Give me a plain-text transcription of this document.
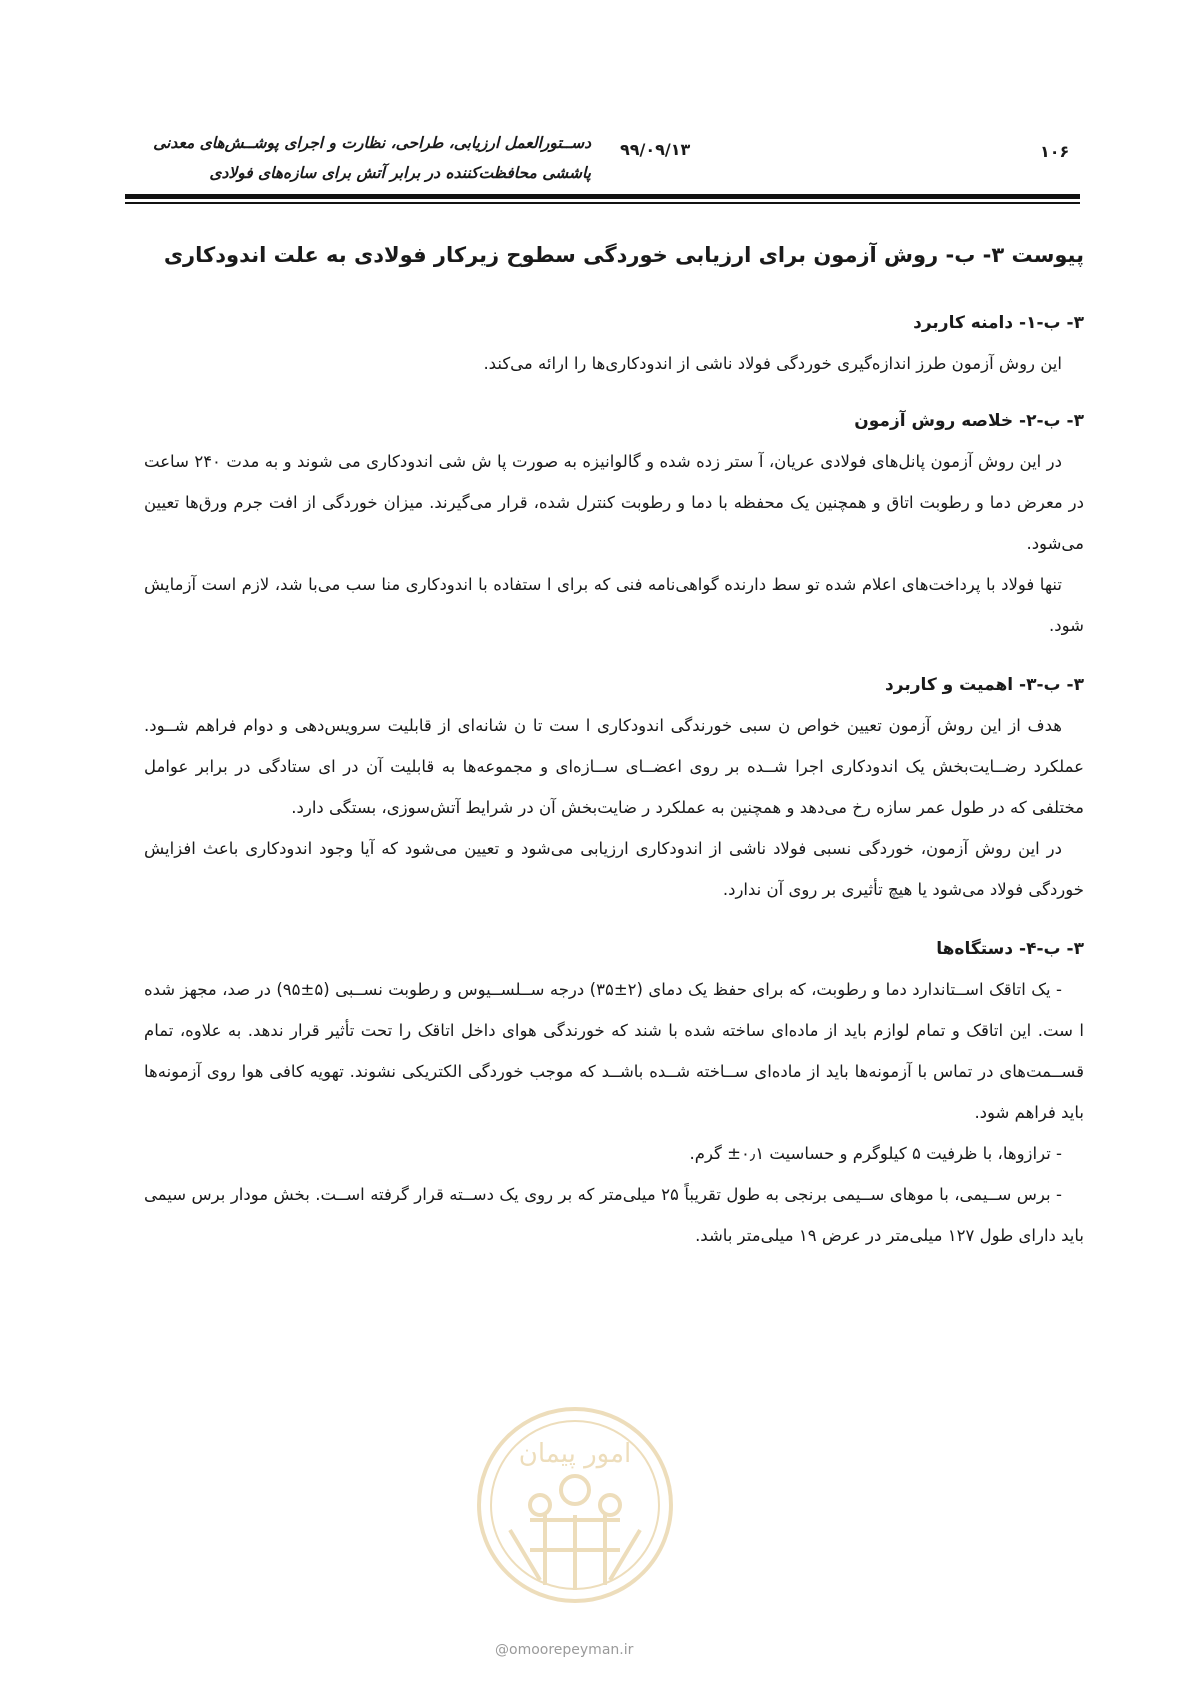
دســتورالعمل ارزیابی، طراحی، نظارت و اجرای پوشــش‌های معدنی
پاششی محافظت‌کننده در برابر آتش برای سازه‌های فولادی
۹۹/۰۹/۱۳	۱۰۶
پیوست ۳- ب- روش آزمون برای ارزیابی خوردگی سطوح زیرکار فولادی به علت اندودکاری
۳- ب-۱- دامنه کاربرد

این روش آزمون طرز اندازه‌گیری خوردگی فولاد ناشی از اندودکاری‌ها را ارائه می‌کند.

۳- ب-۲- خلاصه روش آزمون

در این روش آزمون پانل‌های فولادی عریان، آ ستر زده شده و گالوانیزه به صورت پا ش شی اندودکاری می شوند و به مدت ۲۴۰ ساعت در معرض دما و رطوبت اتاق و همچنین یک محفظه با دما و رطوبت کنترل شده، قرار می‌گیرند. میزان خوردگی از افت جرم ورق‌ها تعیین می‌شود.

تنها فولاد با پرداخت‌های اعلام شده تو سط دارنده گواهی‌نامه فنی که برای ا ستفاده با اندودکاری منا سب می‌با شد، لازم است آزمایش شود.

۳- ب-۳- اهمیت و کاربرد

هدف از این روش آزمون تعیین خواص ن سبی خورندگی اندودکاری ا ست تا ن شانه‌ای از قابلیت سرویس‌دهی و دوام فراهم شــود. عملکرد رضــایت‌بخش یک اندودکاری اجرا شــده بر روی اعضــای ســازه‌ای و مجموعه‌ها به قابلیت آن در ای ستادگی در برابر عوامل مختلفی که در طول عمر سازه رخ می‌دهد و همچنین به عملکرد ر ضایت‌بخش آن در شرایط آتش‌سوزی، بستگی دارد.

در این روش آزمون، خوردگی نسبی فولاد ناشی از اندودکاری ارزیابی می‌شود و تعیین می‌شود که آیا وجود اندودکاری باعث افزایش خوردگی فولاد می‌شود یا هیچ تأثیری بر روی آن ندارد.

۳- ب-۴- دستگاه‌ها

- یک اتاقک اســتاندارد دما و رطوبت، که برای حفظ یک دمای (۲±۳۵) درجه ســلســیوس و رطوبت نســبی (۵±۹۵) در صد، مجهز شده ا ست. این اتاقک و تمام لوازم باید از ماده‌ای ساخته شده با شند که خورندگی هوای داخل اتاقک را تحت تأثیر قرار ندهد. به علاوه، تمام قســمت‌های در تماس با آزمونه‌ها باید از ماده‌ای ســاخته شــده باشــد که موجب خوردگی الکتریکی نشوند. تهویه کافی هوا روی آزمونه‌ها باید فراهم شود.

- ترازوها، با ظرفیت ۵ کیلوگرم و حساسیت ۰٫۱± گرم.

- برس ســیمی، با موهای ســیمی برنجی به طول تقریباً ۲۵ میلی‌متر که بر روی یک دســته قرار گرفته اســت. بخش مودار برس سیمی باید دارای طول ۱۲۷ میلی‌متر در عرض ۱۹ میلی‌متر باشد.

امور پیمان
@omoorepeyman.ir
